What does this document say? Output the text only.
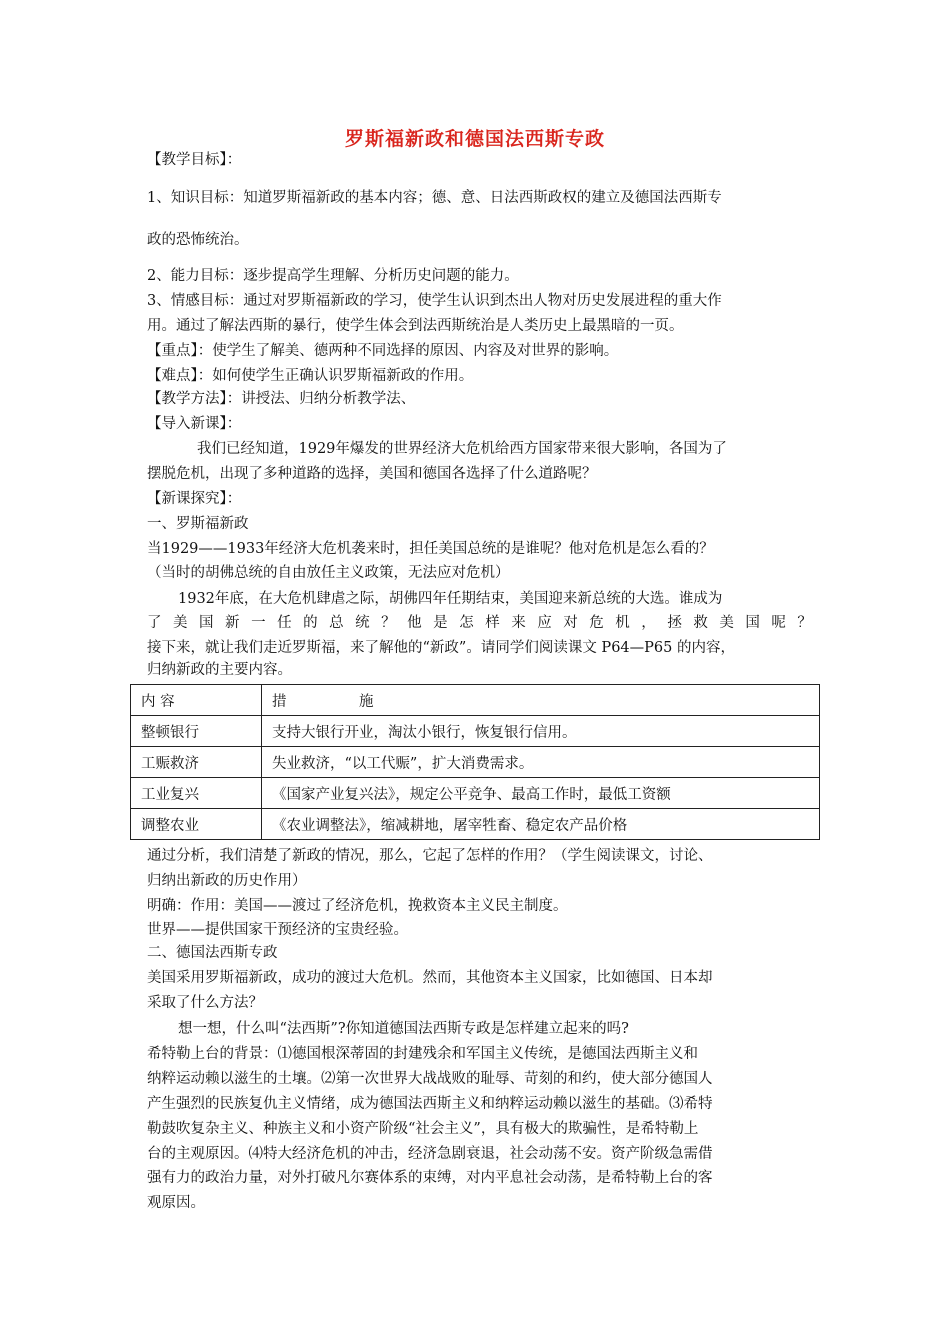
罗斯福新政和德国法西斯专政
【教学目标】：
1、知识目标：知道罗斯福新政的基本内容；德、意、日法西斯政权的建立及德国法西斯专
政的恐怖统治。
2、能力目标：逐步提高学生理解、分析历史问题的能力。
3、情感目标：通过对罗斯福新政的学习，使学生认识到杰出人物对历史发展进程的重大作
用。通过了解法西斯的暴行，使学生体会到法西斯统治是人类历史上最黑暗的一页。
【重点】：使学生了解美、德两种不同选择的原因、内容及对世界的影响。
【难点】：如何使学生正确认识罗斯福新政的作用。
【教学方法】：讲授法、归纳分析教学法、
【导入新课】：
我们已经知道，1929年爆发的世界经济大危机给西方国家带来很大影响，各国为了
摆脱危机，出现了多种道路的选择，美国和德国各选择了什么道路呢？
【新课探究】：
一、罗斯福新政
当1929——1933年经济大危机袭来时，担任美国总统的是谁呢？他对危机是怎么看的？
（当时的胡佛总统的自由放任主义政策，无法应对危机）
1932年底，在大危机肆虐之际，胡佛四年任期结束，美国迎来新总统的大选。谁成为
了 美 国 新 一 任 的 总 统 ？ 他 是 怎 样 来 应 对 危 机 ， 拯 救 美 国 呢 ？
接下来，就让我们走近罗斯福，来了解他的“新政”。请同学们阅读课文 P64—P65 的内容，
归纳新政的主要内容。
内 容	措　　　　　施
整顿银行	支持大银行开业，淘汰小银行，恢复银行信用。
工赈救济	失业救济，“以工代赈”，扩大消费需求。
工业复兴	《国家产业复兴法》，规定公平竞争、最高工作时，最低工资额
调整农业	《农业调整法》，缩减耕地，屠宰牲畜、稳定农产品价格
通过分析，我们清楚了新政的情况，那么，它起了怎样的作用？（学生阅读课文，讨论、
归纳出新政的历史作用）
明确：作用：美国——渡过了经济危机，挽救资本主义民主制度。
世界——提供国家干预经济的宝贵经验。
二、德国法西斯专政
美国采用罗斯福新政，成功的渡过大危机。然而，其他资本主义国家，比如德国、日本却
采取了什么方法？
想一想，什么叫“法西斯”?你知道德国法西斯专政是怎样建立起来的吗?
希特勒上台的背景：⑴德国根深蒂固的封建残余和军国主义传统，是德国法西斯主义和
纳粹运动赖以滋生的土壤。⑵第一次世界大战战败的耻辱、苛刻的和约，使大部分德国人
产生强烈的民族复仇主义情绪，成为德国法西斯主义和纳粹运动赖以滋生的基础。⑶希特
勒鼓吹复杂主义、种族主义和小资产阶级“社会主义”，具有极大的欺骗性，是希特勒上
台的主观原因。⑷特大经济危机的冲击，经济急剧衰退，社会动荡不安。资产阶级急需借
强有力的政治力量，对外打破凡尔赛体系的束缚，对内平息社会动荡，是希特勒上台的客
观原因。
